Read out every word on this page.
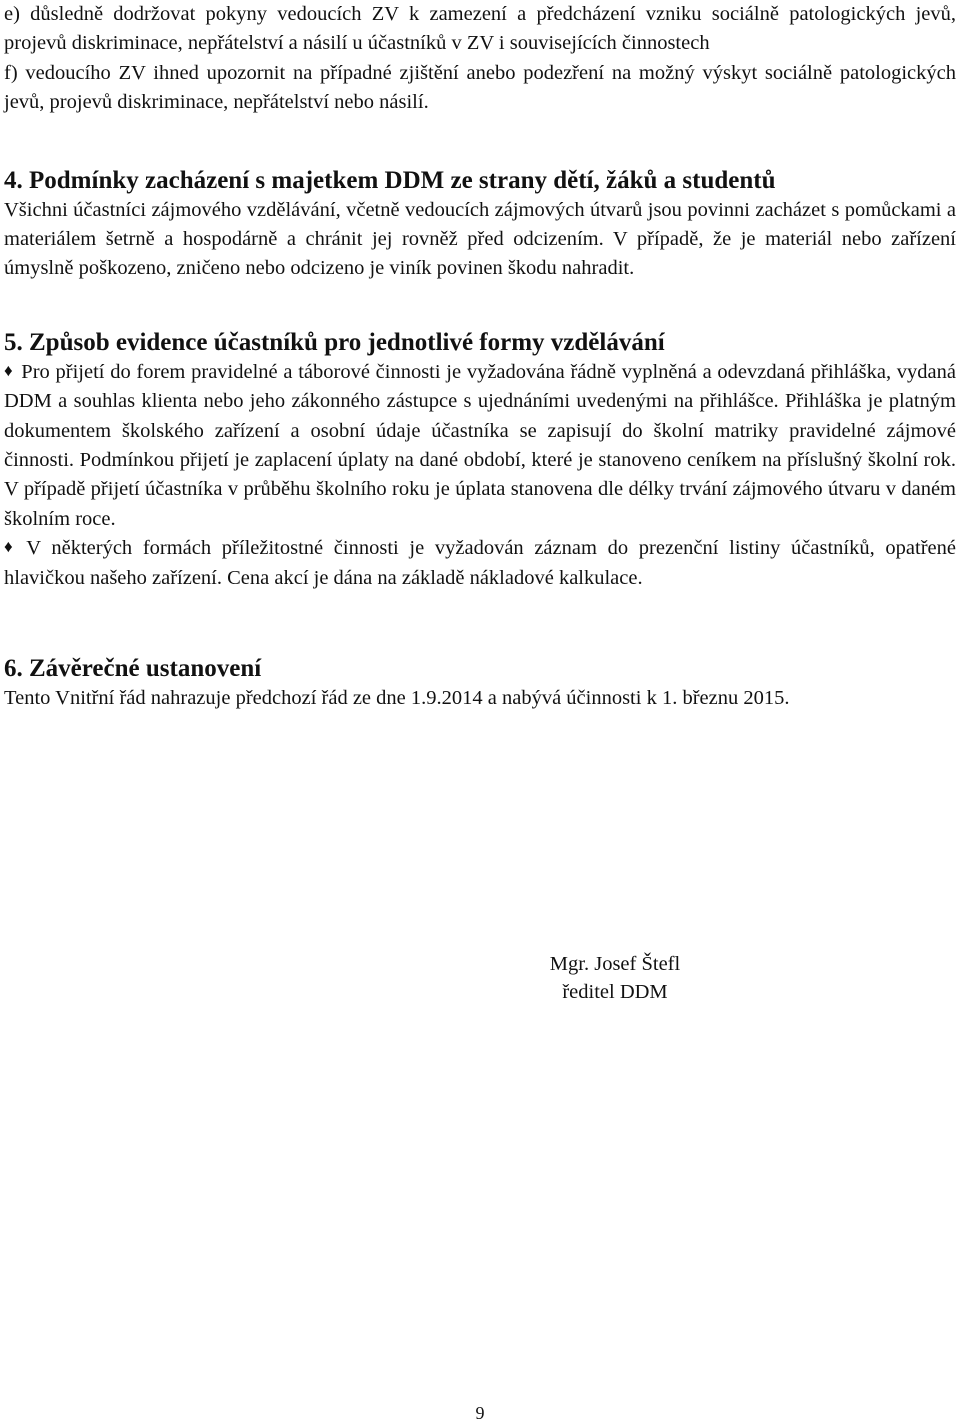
e) důsledně dodržovat pokyny vedoucích ZV k zamezení a předcházení vzniku sociálně patologických jevů, projevů diskriminace, nepřátelství a násilí u účastníků v ZV i souvisejících činnostech

f) vedoucího ZV ihned upozornit na případné zjištění anebo podezření na možný výskyt sociálně patologických jevů, projevů diskriminace, nepřátelství nebo násilí.

4. Podmínky zacházení s majetkem DDM ze strany dětí, žáků a studentů

Všichni účastníci zájmového vzdělávání, včetně vedoucích zájmových útvarů jsou povinni zacházet s pomůckami a materiálem šetrně a hospodárně a chránit jej rovněž před odcizením. V případě, že je materiál nebo zařízení úmyslně poškozeno, zničeno nebo odcizeno je viník povinen škodu nahradit.

5. Způsob evidence účastníků pro jednotlivé formy vzdělávání

♦ Pro přijetí do forem pravidelné a táborové činnosti je vyžadována řádně vyplněná a odevzdaná přihláška, vydaná DDM a souhlas klienta nebo jeho zákonného zástupce s ujednáními uvedenými na přihlášce. Přihláška je platným dokumentem školského zařízení a osobní údaje účastníka se zapisují do školní matriky pravidelné zájmové činnosti. Podmínkou přijetí je zaplacení úplaty na dané období, které je stanoveno ceníkem na příslušný školní rok. V případě přijetí účastníka v průběhu školního roku je úplata stanovena dle délky trvání zájmového útvaru v daném školním roce.

♦ V některých formách příležitostné činnosti je vyžadován záznam do prezenční listiny účastníků, opatřené hlavičkou našeho zařízení. Cena akcí je dána na základě nákladové kalkulace.

6. Závěrečné ustanovení

Tento Vnitřní řád nahrazuje předchozí řád ze dne 1.9.2014 a nabývá účinnosti k 1. březnu 2015.

Mgr. Josef Štefl
ředitel DDM
9
